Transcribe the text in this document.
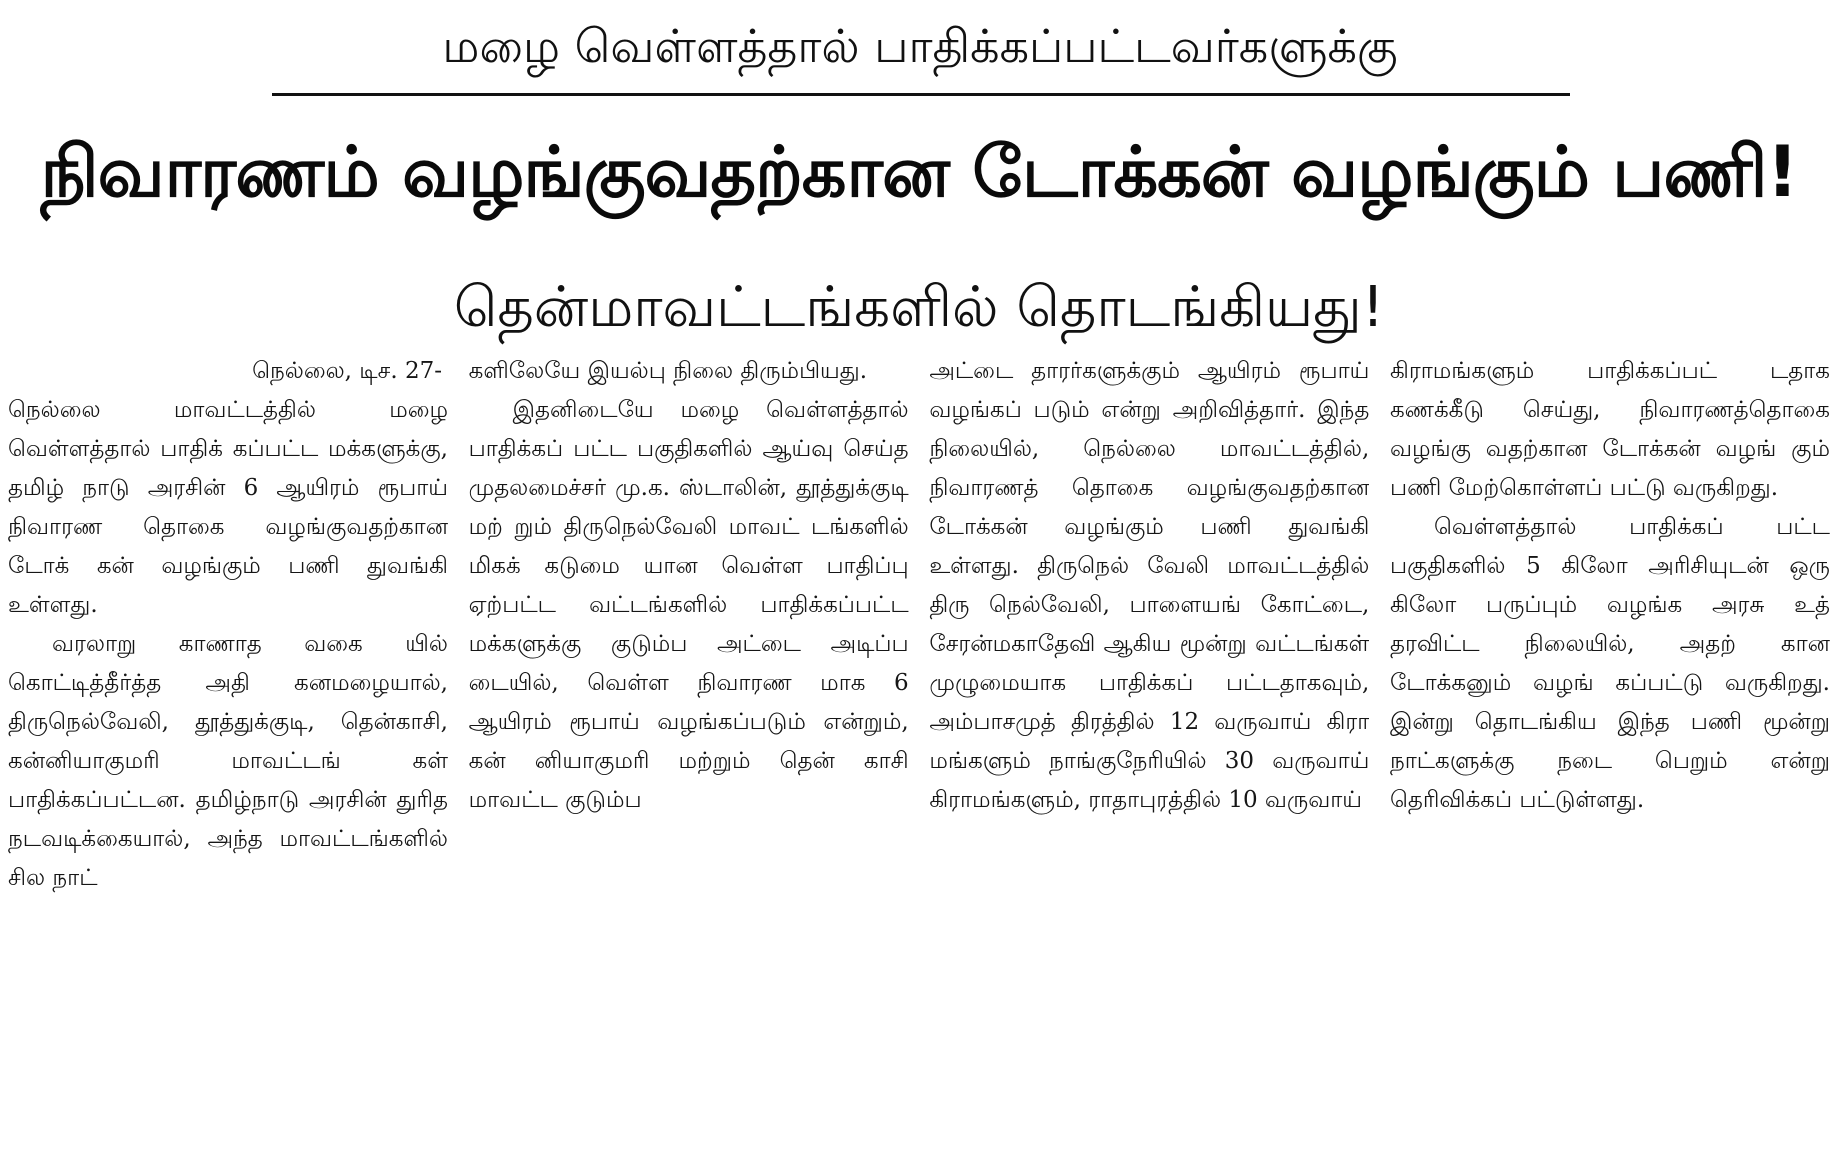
மழை வெள்ளத்தால் பாதிக்கப்பட்டவர்களுக்கு
நிவாரணம் வழங்குவதற்கான டோக்கன் வழங்கும் பணி!
தென்மாவட்டங்களில் தொடங்கியது!
நெல்லை, டிச. 27-

நெல்லை மாவட்டத்தில் மழை வெள்ளத்தால் பாதிக் கப்பட்ட மக்களுக்கு, தமிழ் நாடு அரசின் 6 ஆயிரம் ரூபாய் நிவாரண தொகை வழங்குவதற்கான டோக் கன் வழங்கும் பணி துவங்கி உள்ளது.

வரலாறு காணாத வகை யில் கொட்டித்தீர்த்த அதி கனமழையால், திருநெல்வேலி, தூத்துக்குடி, தென்காசி, கன்னியாகுமரி மாவட்டங் கள் பாதிக்கப்பட்டன. தமிழ்நாடு அரசின் துரித நடவடிக்கையால், அந்த மாவட்டங்களில் சில நாட்

களிலேயே இயல்பு நிலை திரும்பியது.

இதனிடையே மழை வெள்ளத்தால் பாதிக்கப் பட்ட பகுதிகளில் ஆய்வு செய்த முதலமைச்சர் மு.க. ஸ்டாலின், தூத்துக்குடி மற் றும் திருநெல்வேலி மாவட் டங்களில் மிகக் கடுமை யான வெள்ள பாதிப்பு ஏற்பட்ட வட்டங்களில் பாதிக்கப்பட்ட மக்களுக்கு குடும்ப அட்டை அடிப்ப டையில், வெள்ள நிவாரண மாக 6 ஆயிரம் ரூபாய் வழங்கப்படும் என்றும், கன் னியாகுமரி மற்றும் தென் காசி மாவட்ட குடும்ப

அட்டை தாரர்களுக்கும் ஆயிரம் ரூபாய் வழங்கப் படும் என்று அறிவித்தார். இந்த நிலையில், நெல்லை மாவட்டத்தில், நிவாரணத் தொகை வழங்குவதற்கான டோக்கன் வழங்கும் பணி துவங்கி உள்ளது. திருநெல் வேலி மாவட்டத்தில் திரு நெல்வேலி, பாளையங் கோட்டை, சேரன்மகாதேவி ஆகிய மூன்று வட்டங்கள் முழுமையாக பாதிக்கப் பட்டதாகவும், அம்பாசமுத் திரத்தில் 12 வருவாய் கிரா மங்களும் நாங்குநேரியில் 30 வருவாய் கிராமங்களும், ராதாபுரத்தில் 10 வருவாய்

கிராமங்களும் பாதிக்கப்பட் டதாக கணக்கீடு செய்து, நிவாரணத்தொகை வழங்கு வதற்கான டோக்கன் வழங் கும் பணி மேற்கொள்ளப் பட்டு வருகிறது.

வெள்ளத்தால் பாதிக்கப் பட்ட பகுதிகளில் 5 கிலோ அரிசியுடன் ஒரு கிலோ பருப்பும் வழங்க அரசு உத் தரவிட்ட நிலையில், அதற் கான டோக்கனும் வழங் கப்பட்டு வருகிறது. இன்று தொடங்கிய இந்த பணி மூன்று நாட்களுக்கு நடை பெறும் என்று தெரிவிக்கப் பட்டுள்ளது.
